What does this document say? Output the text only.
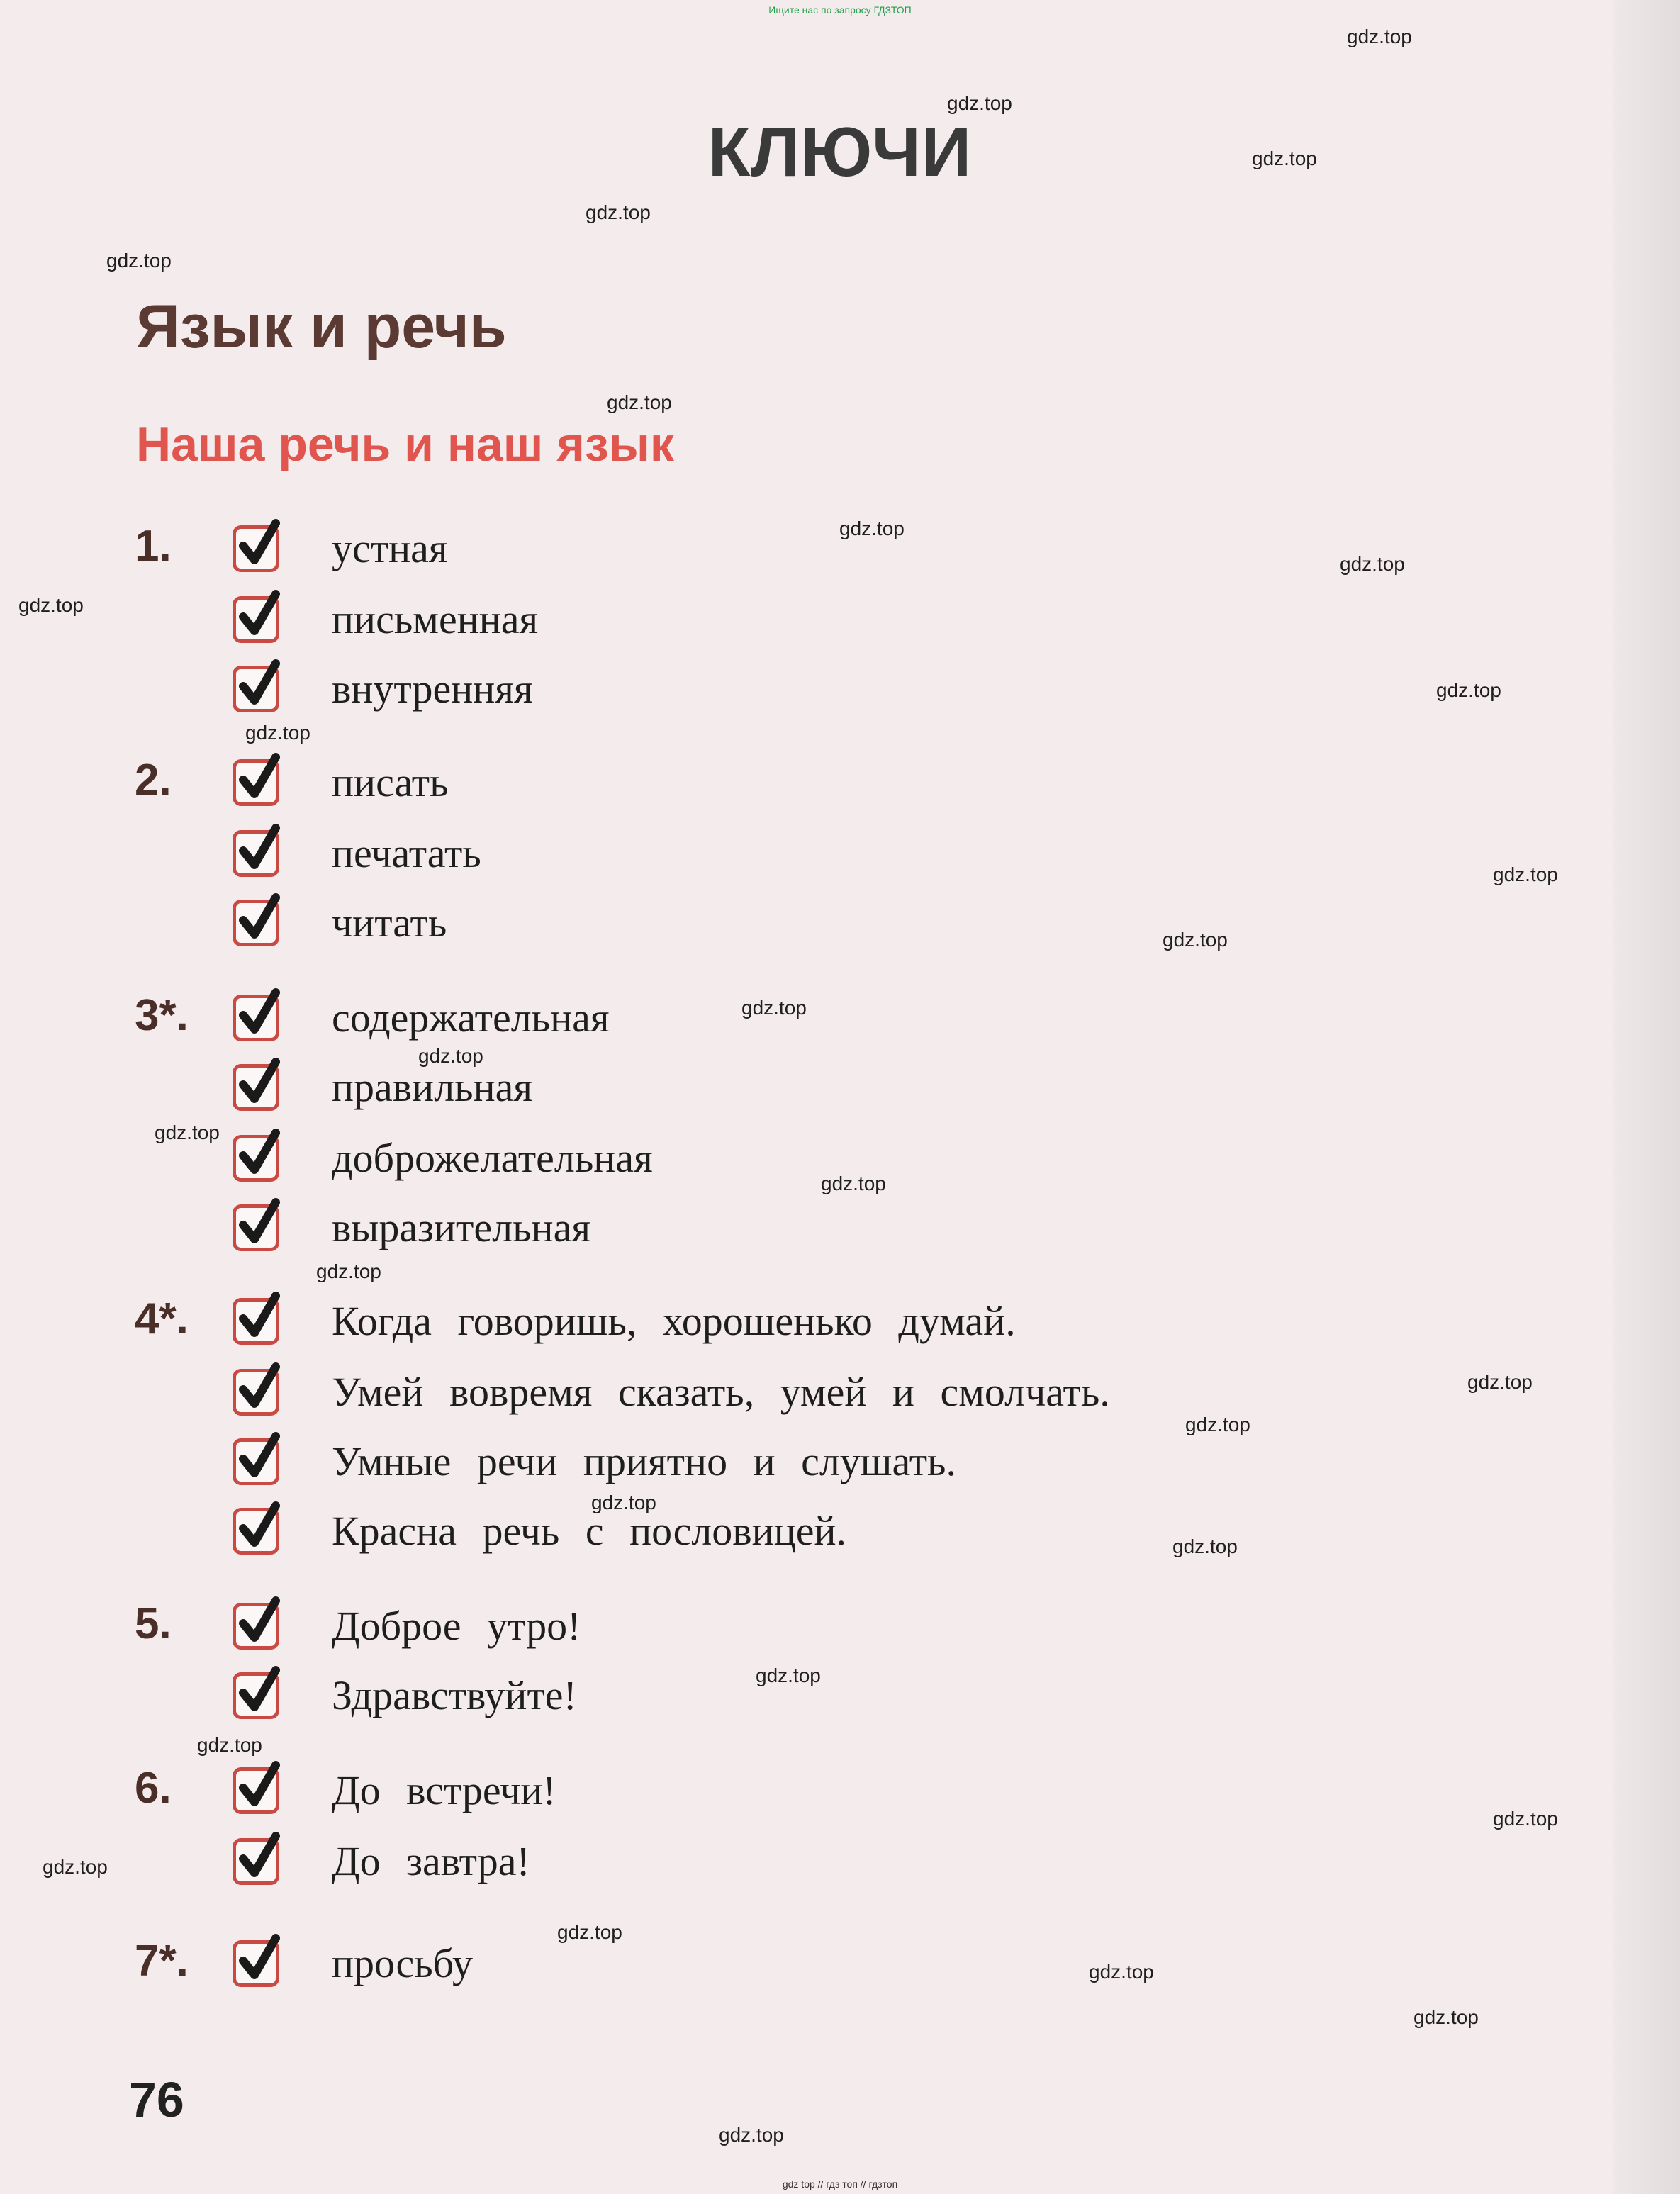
Ищите нас по запросу ГДЗТОП
КЛЮЧИ
Язык и речь
Наша речь и наш язык
1.
2.
3*.
4*.
5.
6.
7*.
устная
письменная
внутренняя
писать
печатать
читать
содержательная
правильная
доброжелательная
выразительная
Когда говоришь, хорошенько думай.
Умей вовремя сказать, умей и смолчать.
Умные речи приятно и слушать.
Красна речь с пословицей.
Доброе утро!
Здравствуйте!
До встречи!
До завтра!
просьбу
76
gdz.top
gdz.top
gdz.top
gdz.top
gdz.top
gdz.top
gdz.top
gdz.top
gdz.top
gdz.top
gdz.top
gdz.top
gdz.top
gdz.top
gdz.top
gdz.top
gdz.top
gdz.top
gdz.top
gdz.top
gdz.top
gdz.top
gdz.top
gdz.top
gdz.top
gdz.top
gdz.top
gdz.top
gdz.top
gdz.top
gdz top // гдз топ // гдзтоп
